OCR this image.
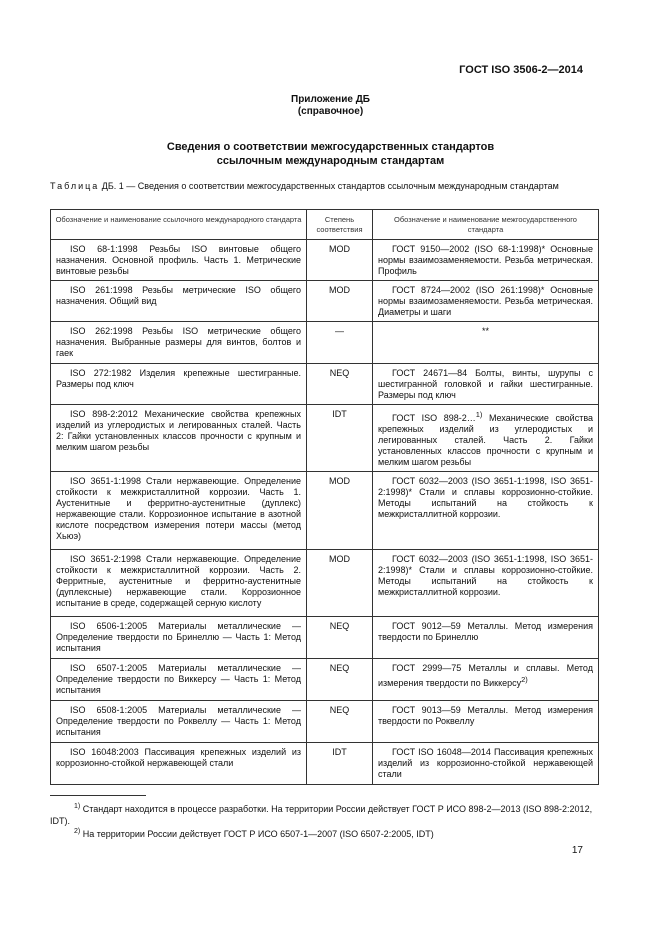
ГОСТ ISO 3506-2—2014
Приложение ДБ
(справочное)
Сведения о соответствии межгосударственных стандартов
ссылочным международным стандартам
Таблица ДБ. 1 — Сведения о соответствии межгосударственных стандартов ссылочным международным стандартам
Обозначение и наименование ссылочного международного стандарта	Степень соответствия	Обозначение и наименование межгосударственного стандарта
ISO 68-1:1998 Резьбы ISO винтовые общего назначения. Основной профиль. Часть 1. Метрические винтовые резьбы	MOD	ГОСТ 9150—2002 (ISO 68-1:1998)* Основные нормы взаимозаменяемости. Резьба метрическая. Профиль
ISO 261:1998 Резьбы метрические ISO общего назначения. Общий вид	MOD	ГОСТ 8724—2002 (ISO 261:1998)* Основные нормы взаимозаменяемости. Резьба метрическая. Диаметры и шаги
ISO 262:1998 Резьбы ISO метрические общего назначения. Выбранные размеры для винтов, болтов и гаек	—	**
ISO 272:1982 Изделия крепежные шестигранные. Размеры под ключ	NEQ	ГОСТ 24671—84 Болты, винты, шурупы с шестигранной головкой и гайки шестигранные. Размеры под ключ
ISO 898-2:2012 Механические свойства крепежных изделий из углеродистых и легированных сталей. Часть 2: Гайки установленных классов прочности с крупным и мелким шагом резьбы	IDT	ГОСТ ISO 898-2…$^{1)}$ Механические свойства крепежных изделий из углеродистых и легированных сталей. Часть 2. Гайки установленных классов прочности с крупным и мелким шагом резьбы
ISO 3651-1:1998 Стали нержавеющие. Определение стойкости к межкристаллитной коррозии. Часть 1. Аустенитные и ферритно-аустенитные (дуплекс) нержавеющие стали. Коррозионное испытание в азотной кислоте посредством измерения потери массы (метод Хьюэ)	MOD	ГОСТ 6032—2003 (ISO 3651-1:1998, ISO 3651-2:1998)* Стали и сплавы коррозионно-стойкие. Методы испытаний на стойкость к межкристаллитной коррозии.
ISO 3651-2:1998 Стали нержавеющие. Определение стойкости к межкристаллитной коррозии. Часть 2. Ферритные, аустенитные и ферритно-аустенитные (дуплексные) нержавеющие стали. Коррозионное испытание в среде, содержащей серную кислоту	MOD	ГОСТ 6032—2003 (ISO 3651-1:1998, ISO 3651-2:1998)* Стали и сплавы коррозионно-стойкие. Методы испытаний на стойкость к межкристаллитной коррозии.
ISO 6506-1:2005 Материалы металлические — Определение твердости по Бринеллю — Часть 1: Метод испытания	NEQ	ГОСТ 9012—59 Металлы. Метод измерения твердости по Бринеллю
ISO 6507-1:2005 Материалы металлические — Определение твердости по Виккерсу — Часть 1: Метод испытания	NEQ	ГОСТ 2999—75 Металлы и сплавы. Метод измерения твердости по Виккерсу$^{2)}$
ISO 6508-1:2005 Материалы металлические — Определение твердости по Роквеллу — Часть 1: Метод испытания	NEQ	ГОСТ 9013—59 Металлы. Метод измерения твердости по Роквеллу
ISO 16048:2003 Пассивация крепежных изделий из коррозионно-стойкой нержавеющей стали	IDT	ГОСТ ISO 16048—2014 Пассивация крепежных изделий из коррозионно-стойкой нержавеющей стали
$^{1)}$ Стандарт находится в процессе разработки. На территории России действует ГОСТ Р ИСО 898-2—2013 (ISO 898-2:2012, IDT).
$^{2)}$ На территории России действует ГОСТ Р ИСО 6507-1—2007 (ISO 6507-2:2005, IDT)
17
